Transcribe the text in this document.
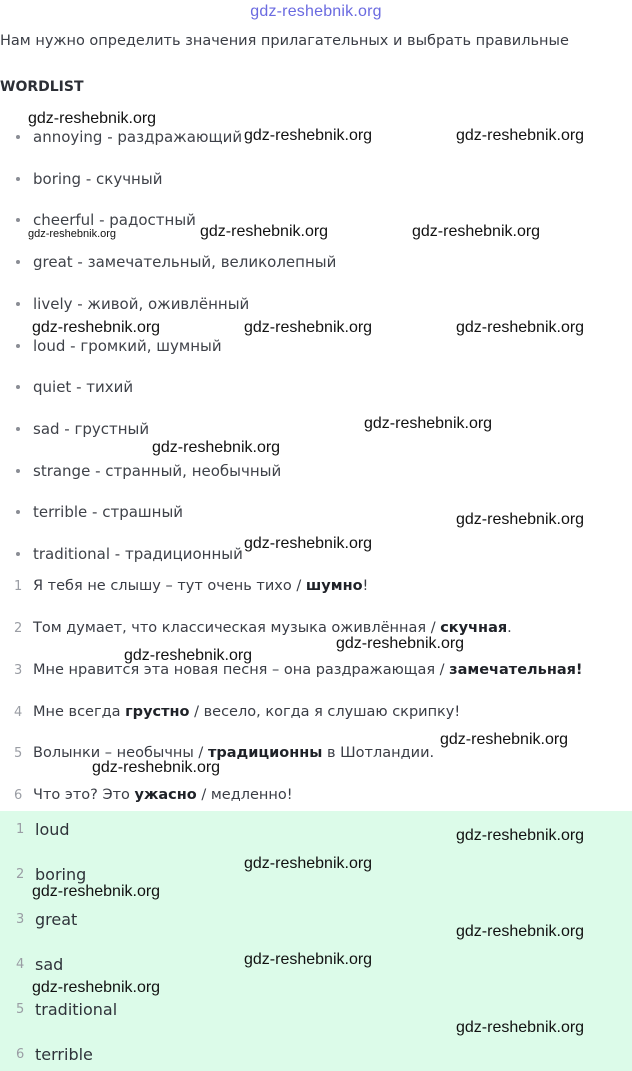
gdz-reshebnik.org
Нам нужно определить значения прилагательных и выбрать правильные
WORDLIST
annoying - раздражающий
boring - скучный
cheerful - радостный
great - замечательный, великолепный
lively - живой, оживлённый
loud - громкий, шумный
quiet - тихий
sad - грустный
strange - странный, необычный
terrible - страшный
traditional - традиционный
1 Я тебя не слышу – тут очень тихо / шумно !
2 Том думает, что классическая музыка оживлённая / скучная .
3 Мне нравится эта новая песня – она раздражающая / замечательная!
4 Мне всегда грустно / весело, когда я слушаю скрипку!
5 Волынки – необычны / традиционны в Шотландии.
6 Что это? Это ужасно / медленно!
1 loud
2 boring
3 great
4 sad
5 traditional
6 terrible
gdz-reshebnik.org
gdz-reshebnik.org	gdz-reshebnik.org
gdz-reshebnik.org	gdz-reshebnik.org	gdz-reshebnik.org
gdz-reshebnik.org	gdz-reshebnik.org	gdz-reshebnik.org
gdz-reshebnik.org
gdz-reshebnik.org
gdz-reshebnik.org
gdz-reshebnik.org
gdz-reshebnik.org
gdz-reshebnik.org
gdz-reshebnik.org
gdz-reshebnik.org
gdz-reshebnik.org
gdz-reshebnik.org
gdz-reshebnik.org
gdz-reshebnik.org
gdz-reshebnik.org
gdz-reshebnik.org
gdz-reshebnik.org
